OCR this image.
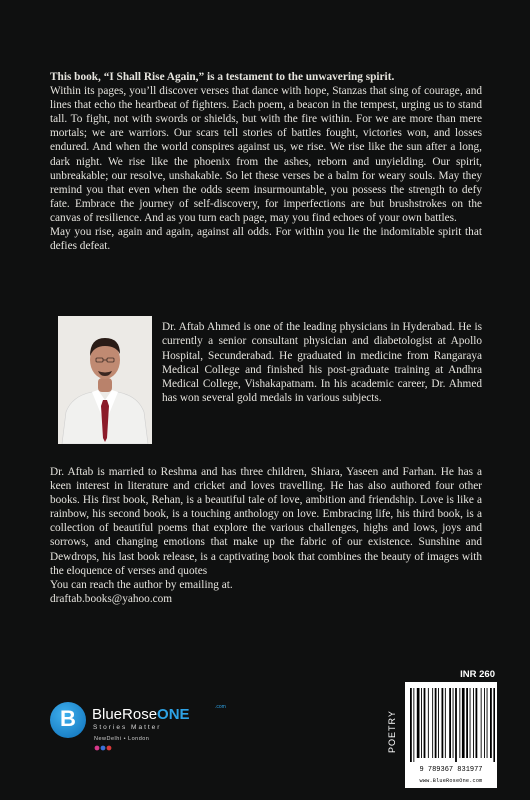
This book, “I Shall Rise Again,” is a testament to the unwavering spirit.

Within its pages, you’ll discover verses that dance with hope, Stanzas that sing of courage, and lines that echo the heartbeat of fighters. Each poem, a beacon in the tempest, urging us to stand tall. To fight, not with swords or shields, but with the fire within. For we are more than mere mortals; we are warriors. Our scars tell stories of battles fought, victories won, and losses endured. And when the world conspires against us, we rise. We rise like the sun after a long, dark night. We rise like the phoenix from the ashes, reborn and unyielding. Our spirit, unbreakable; our resolve, unshakable. So let these verses be a balm for weary souls. May they remind you that even when the odds seem insurmountable, you possess the strength to defy fate. Embrace the journey of self-discovery, for imperfections are but brushstrokes on the canvas of resilience. And as you turn each page, may you find echoes of your own battles.

May you rise, again and again, against all odds. For within you lie the indomitable spirit that defies defeat.

Dr. Aftab Ahmed is one of the leading physicians in Hyderabad. He is currently a senior consultant physician and diabetologist at Apollo Hospital, Secunderabad. He graduated in medicine from Rangaraya Medical College and finished his post-graduate training at Andhra Medical College, Vishakapatnam. In his academic career, Dr. Ahmed has won several gold medals in various subjects.

Dr. Aftab is married to Reshma and has three children, Shiara, Yaseen and Farhan. He has a keen interest in literature and cricket and loves travelling. He has also authored four other books. His first book, Rehan, is a beautiful tale of love, ambition and friendship. Love is like a rainbow, his second book, is a touching anthology on love. Embracing life, his third book, is a collection of beautiful poems that explore the various challenges, highs and lows, joys and sorrows, and changing emotions that make up the fabric of our existence. Sunshine and Dewdrops, his last book release, is a captivating book that combines the beauty of images with the eloquence of verses and quotes

You can reach the author by emailing at.

draftab.books@yahoo.com

B	BlueRoseONE	.com
Stories Matter
NewDelhi • London
INR 260
POETRY
9 789367 831977
www.BlueRoseOne.com
